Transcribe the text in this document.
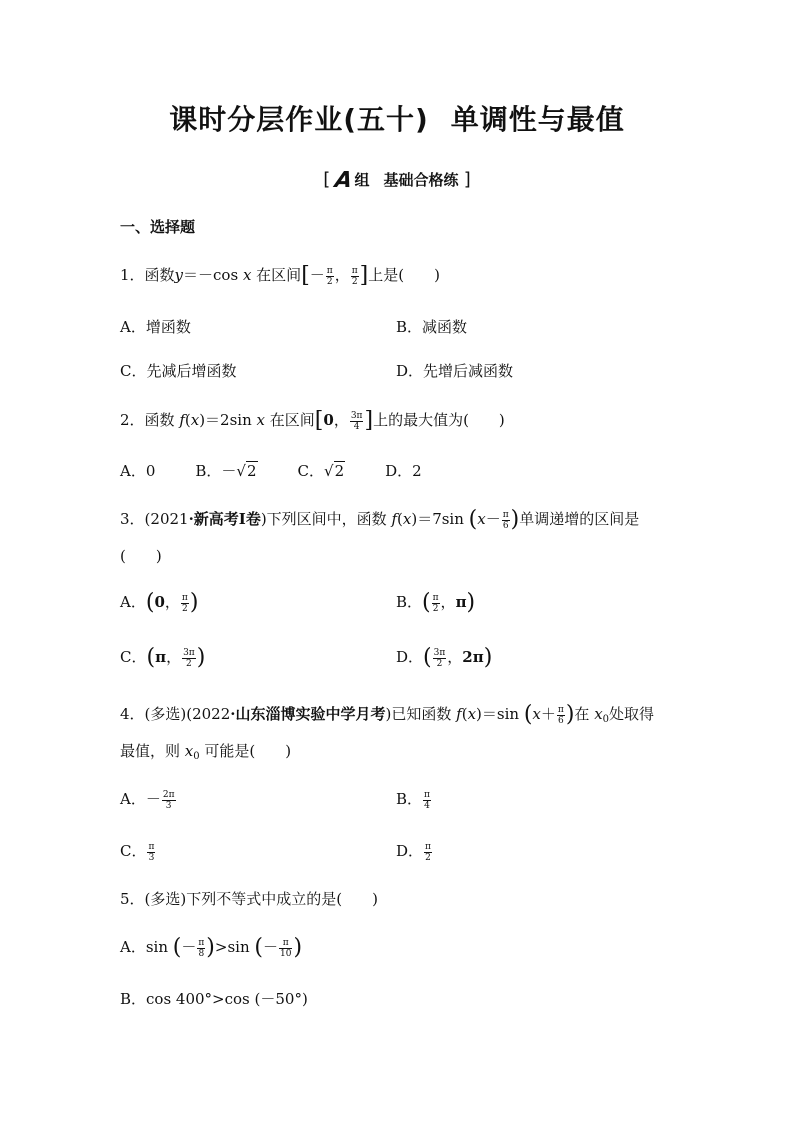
课时分层作业(五十) 单调性与最值
[ A组 基础合格练 ]
一、选择题
1．函数y＝－cos x 在区间[－ $\frac{\pi}{2}$ ， $\frac{\pi}{2}$ ]上是(　　)
A．增函数	B．减函数
C．先减后增函数	D．先增后减函数
2．函数 f(x)＝2sin x 在区间[0， $\frac{3\pi}{4}$ ]上的最大值为(　　)
A．0	B．－√2	C．√2	D．2
3．(2021·新高考Ⅰ卷)下列区间中，函数 f(x)＝7sin ($x- \frac{\pi}{6}$ )单调递增的区间是
(　　)
A．(0， $\frac{\pi}{2}$ )	B．( $\frac{\pi}{2}$ ，π)
C．(π， $\frac{3\pi}{2}$ )	D．( $\frac{3\pi}{2}$ ，2π)
4．(多选)(2022·山东淄博实验中学月考)已知函数 f(x)＝sin ($x+ \frac{\pi}{6}$ )在 $x_0$处取得
最值，则 $x_0$ 可能是(　　)
A．－ $\frac{2\pi}{3}$	B． $\frac{\pi}{4}$
C． $\frac{\pi}{3}$	D． $\frac{\pi}{2}$
5．(多选)下列不等式中成立的是(　　)
A．sin (－ $\frac{\pi}{8} )>\sin$ (－ $\frac{\pi}{10}$ )
B．cos 400°>cos (－50°)
